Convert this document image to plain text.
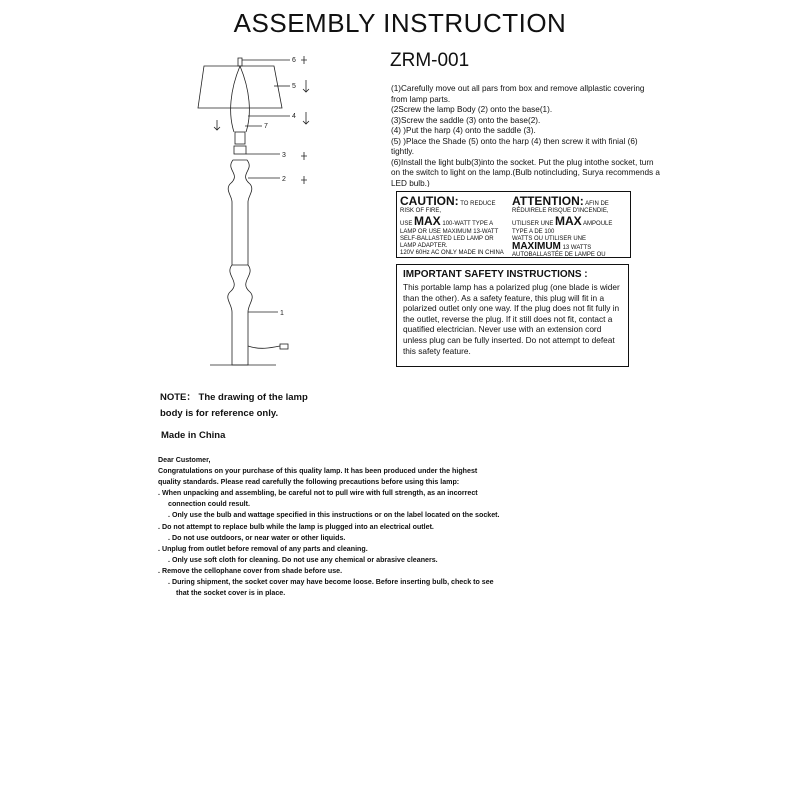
ASSEMBLY INSTRUCTION
ZRM-001
6
5
4
7
3
2
1
(1)Carefully move out all pars from box and remove allplastic covering from lamp parts.
(2Screw the lamp Body (2) onto the base(1).
(3)Screw the saddle (3) onto the base(2).
(4) )Put the harp (4) onto the saddle (3).
(5) )Place the Shade (5) onto the harp (4) then screw it with finial (6) tightly.
(6)Install the light bulb(3)into the socket. Put the plug intothe socket, turn on the switch to light on the lamp.(Bulb notincluding, Surya recommends a LED bulb.)
CAUTION: TO REDUCE RISK OF FIRE,
USE MAX 100-WATT TYPE A
LAMP OR USE MAXIMUM 13-WATT
SELF-BALLASTED LED LAMP OR LAMP ADAPTER.
120V 60Hz AC ONLY MADE IN CHINA
ATTENTION: AFIN DE RÉDUIRELE RISQUE D'INCENDIE,
UTILISER UNE MAX AMPOULE TYPE A DE 100
WATTS OU UTILISER UNE MAXIMUM 13 WATTS
AUTOBALLASTÉE DE LAMPE OU
IMPORTANT SAFETY INSTRUCTIONS :

This portable lamp has a polarized plug (one blade is wider than the other). As a safety feature, this plug will fit in a polarized outlet only one way. If the plug does not fit fully in the outlet, reverse the plug. If it still does not fit, contact a quatified electrician. Never use with an extension cord unless plug can be fully inserted. Do not attempt to defeat this safety feature.

NOTE： The drawing of the lamp
body is for reference only.
Made in China
Dear Customer,
Congratulations on your purchase of this quality lamp. It has been produced under the highest
quality standards. Please read carefully the following precautions before using this lamp:
. When unpacking and assembling, be careful not to pull wire with full strength, as an incorrect
connection could result.
. Only use the bulb and wattage specified in this instructions or on the label located on the socket.
. Do not attempt to replace bulb while the lamp is plugged into an electrical outlet.
. Do not use outdoors, or near water or other liquids.
. Unplug from outlet before removal of any parts and cleaning.
. Only use soft cloth for cleaning. Do not use any chemical or abrasive cleaners.
. Remove the cellophane cover from shade before use.
. During shipment, the socket cover may have become loose. Before inserting bulb, check to see
that the socket cover is in place.
